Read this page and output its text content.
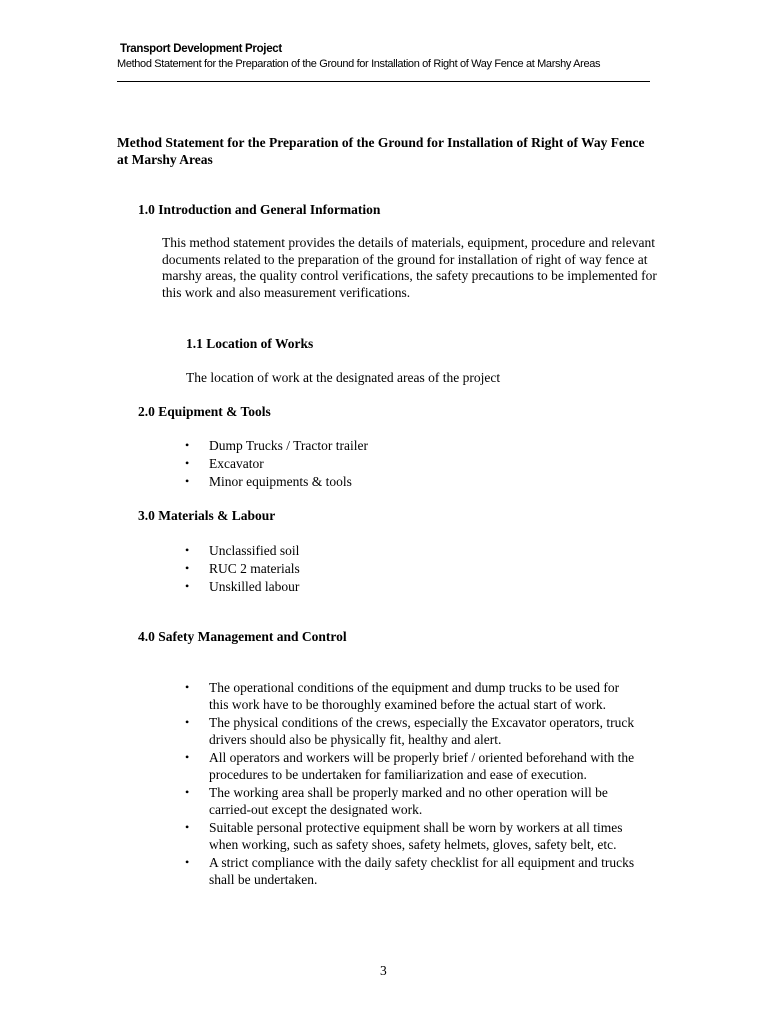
Transport Development Project
Method Statement for the Preparation of the Ground for Installation of Right of Way Fence at Marshy Areas
Method Statement for the Preparation of the Ground for Installation of Right of Way Fence at Marshy Areas
1.0 Introduction and General Information
This method statement provides the details of materials, equipment, procedure and relevant documents related to the preparation of the ground for installation of right of way fence at marshy areas, the quality control verifications, the safety precautions to be implemented for this work and also measurement verifications.
1.1 Location of Works
The location of work at the designated areas of the project
2.0 Equipment & Tools
• Dump Trucks / Tractor trailer
• Excavator
• Minor equipments & tools
3.0 Materials & Labour
• Unclassified soil
• RUC 2 materials
• Unskilled labour
4.0 Safety Management and Control
• The operational conditions of the equipment and dump trucks to be used for this work have to be thoroughly examined before the actual start of work.
• The physical conditions of the crews, especially the Excavator operators, truck drivers should also be physically fit, healthy and alert.
• All operators and workers will be properly brief / oriented beforehand with the procedures to be undertaken for familiarization and ease of execution.
• The working area shall be properly marked and no other operation will be carried-out except the designated work.
• Suitable personal protective equipment shall be worn by workers at all times when working, such as safety shoes, safety helmets, gloves, safety belt, etc.
• A strict compliance with the daily safety checklist for all equipment and trucks shall be undertaken.
3
